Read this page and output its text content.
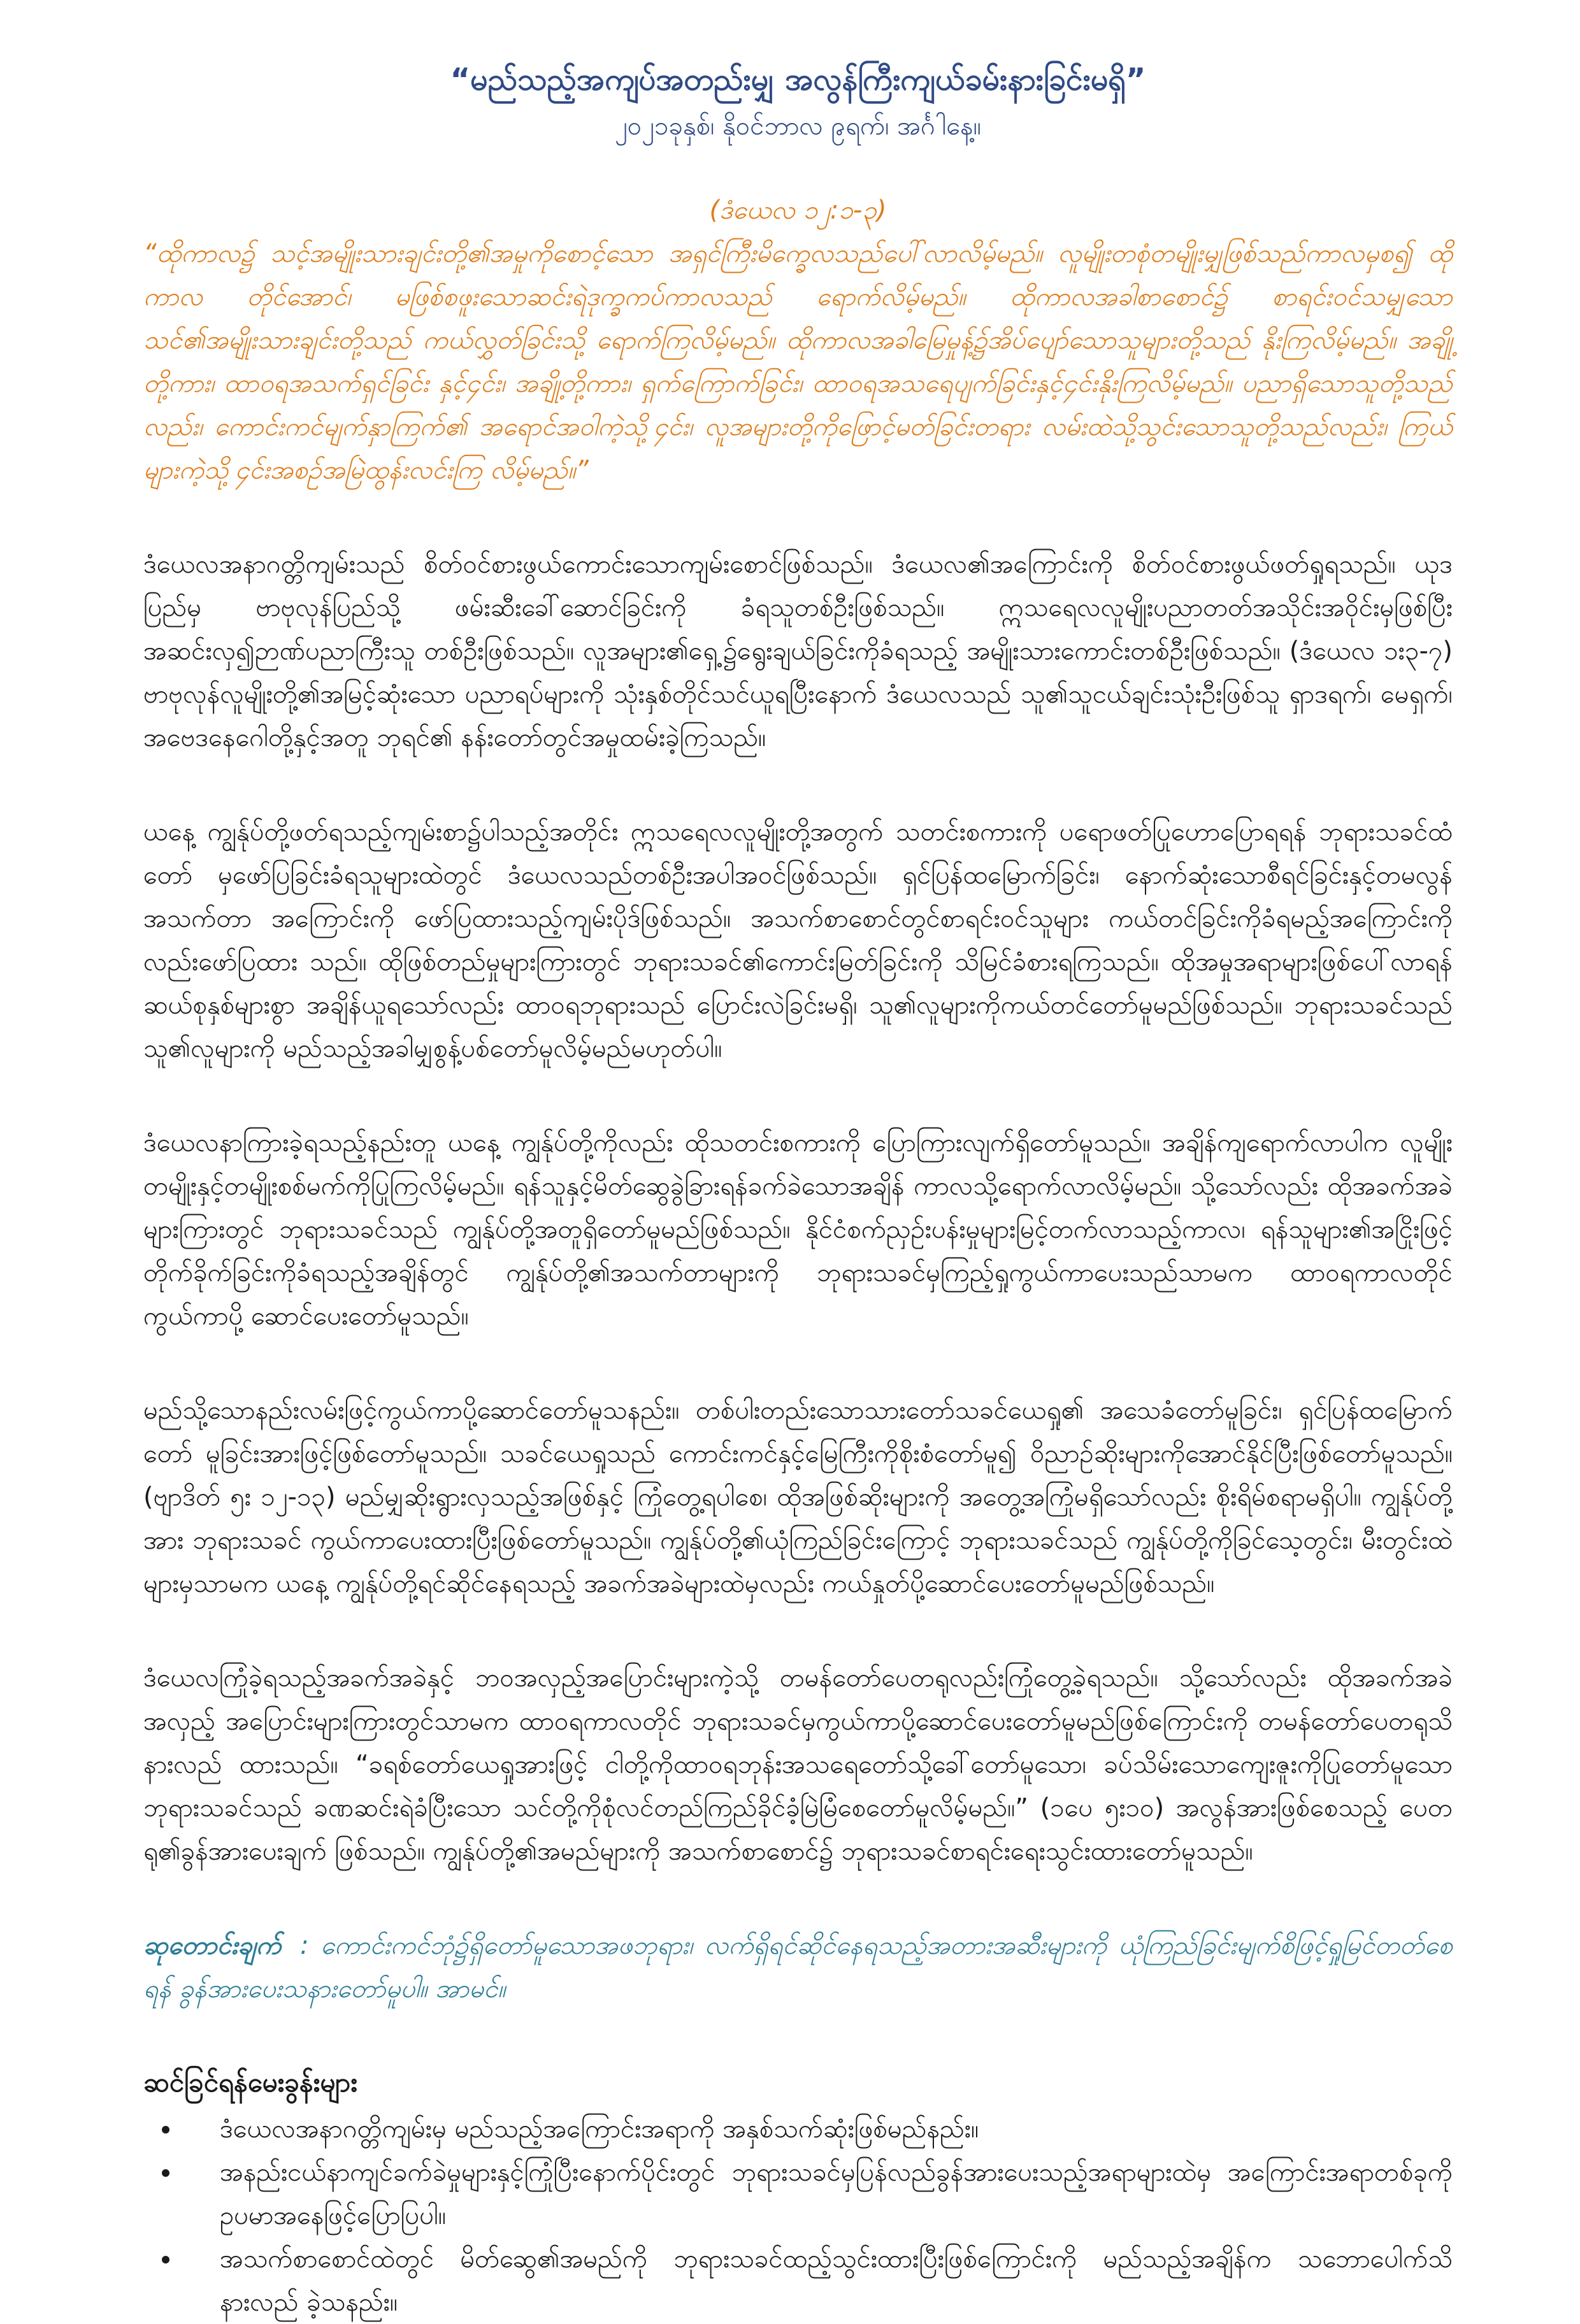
“မည်သည့်အကျပ်အတည်းမျှ အလွန်ကြီးကျယ်ခမ်းနားခြင်းမရှိ”

၂၀၂၁ခုနှစ်၊ နိုဝင်ဘာလ ၉ရက်၊ အင်္ဂါနေ့။

(ဒံယေလ ၁၂:၁-၃)

“ထိုကာလ၌ သင့်အမျိုးသားချင်းတို့၏အမှုကိုစောင့်သော အရှင်ကြီးမိက္ခေလသည်ပေါ်လာလိမ့်မည်။ လူမျိုးတစုံတမျိုးမျှဖြစ်သည်ကာလမှစ၍ ထိုကာလ တိုင်အောင်၊ မဖြစ်စဖူးသောဆင်းရဲဒုက္ခကပ်ကာလသည် ရောက်လိမ့်မည်။ ထိုကာလအခါစာစောင်၌ စာရင်းဝင်သမျှသောသင်၏အမျိုးသားချင်းတို့သည် ကယ်လွှတ်ခြင်းသို့ ရောက်ကြလိမ့်မည်။ ထိုကာလအခါမြေမှုန့်၌အိပ်ပျော်သောသူများတို့သည် နိုးကြလိမ့်မည်။ အချို့တို့ကား၊ ထာဝရအသက်ရှင်ခြင်း နှင့်၄င်း၊ အချို့တို့ကား၊ ရှက်ကြောက်ခြင်း၊ ထာဝရအသရေပျက်ခြင်းနှင့်၄င်းနိုးကြလိမ့်မည်။ ပညာရှိသောသူတို့သည်လည်း၊ ကောင်းကင်မျက်နှာကြက်၏ အရောင်အဝါကဲ့သို့၄င်း၊ လူအများတို့ကိုဖြောင့်မတ်ခြင်းတရား လမ်းထဲသို့သွင်းသောသူတို့သည်လည်း၊ ကြယ်များကဲ့သို့၄င်းအစဉ်အမြဲထွန်းလင်းကြ လိမ့်မည်။”

ဒံယေလအနာဂတ္တိကျမ်းသည် စိတ်ဝင်စားဖွယ်ကောင်းသောကျမ်းစောင်ဖြစ်သည်။ ဒံယေလ၏အကြောင်းကို စိတ်ဝင်စားဖွယ်ဖတ်ရှုရသည်။ ယုဒပြည်မှ ဗာဗုလုန်ပြည်သို့ ဖမ်းဆီးခေါ်ဆောင်ခြင်းကို ခံရသူတစ်ဦးဖြစ်သည်။ ဣသရေလလူမျိုးပညာတတ်အသိုင်းအဝိုင်းမှဖြစ်ပြီး အဆင်းလှ၍ဉာဏ်ပညာကြီးသူ တစ်ဦးဖြစ်သည်။ လူအများ၏ရှေ့၌ရွေးချယ်ခြင်းကိုခံရသည့် အမျိုးသားကောင်းတစ်ဦးဖြစ်သည်။ (ဒံယေလ ၁း၃-၇) ဗာဗုလုန်လူမျိုးတို့၏အမြင့်ဆုံးသော ပညာရပ်များကို သုံးနှစ်တိုင်သင်ယူရပြီးနောက် ဒံယေလသည် သူ၏သူငယ်ချင်းသုံးဦးဖြစ်သူ ရှာဒရက်၊ မေရှက်၊ အဗေဒနေဂေါတို့နှင့်အတူ ဘုရင်၏ နန်းတော်တွင်အမှုထမ်းခဲ့ကြသည်။

ယနေ့ ကျွန်ုပ်တို့ဖတ်ရသည့်ကျမ်းစာ၌ပါသည့်အတိုင်း ဣသရေလလူမျိုးတို့အတွက် သတင်းစကားကို ပရောဖတ်ပြုဟောပြောရရန် ဘုရားသခင်ထံတော် မှဖော်ပြခြင်းခံရသူများထဲတွင် ဒံယေလသည်တစ်ဦးအပါအဝင်ဖြစ်သည်။ ရှင်ပြန်ထမြောက်ခြင်း၊ နောက်ဆုံးသောစီရင်ခြင်းနှင့်တမလွန်အသက်တာ အကြောင်းကို ဖော်ပြထားသည့်ကျမ်းပိုဒ်ဖြစ်သည်။ အသက်စာစောင်တွင်စာရင်းဝင်သူများ ကယ်တင်ခြင်းကိုခံရမည့်အကြောင်းကိုလည်းဖော်ပြထား သည်။ ထိုဖြစ်တည်မှုများကြားတွင် ဘုရားသခင်၏ကောင်းမြတ်ခြင်းကို သိမြင်ခံစားရကြသည်။ ထိုအမှုအရာများဖြစ်ပေါ်လာရန် ဆယ်စုနှစ်များစွာ အချိန်ယူရသော်လည်း ထာဝရဘုရားသည် ပြောင်းလဲခြင်းမရှိ၊ သူ၏လူများကိုကယ်တင်တော်မူမည်ဖြစ်သည်။ ဘုရားသခင်သည် သူ၏လူများကို မည်သည့်အခါမျှစွန့်ပစ်တော်မူလိမ့်မည်မဟုတ်ပါ။

ဒံယေလနာကြားခဲ့ရသည့်နည်းတူ ယနေ့ ကျွန်ုပ်တို့ကိုလည်း ထိုသတင်းစကားကို ပြောကြားလျက်ရှိတော်မူသည်။ အချိန်ကျရောက်လာပါက လူမျိုး တမျိုးနှင့်တမျိုးစစ်မက်ကိုပြုကြလိမ့်မည်။ ရန်သူနှင့်မိတ်ဆွေခွဲခြားရန်ခက်ခဲသောအချိန် ကာလသို့ရောက်လာလိမ့်မည်။ သို့သော်လည်း ထိုအခက်အခဲ များကြားတွင် ဘုရားသခင်သည် ကျွန်ုပ်တို့အတူရှိတော်မူမည်ဖြစ်သည်။ နိုင်ငံစက်ညှဉ်းပန်းမှုများမြင့်တက်လာသည့်ကာလ၊ ရန်သူများ၏အငြိုးဖြင့် တိုက်ခိုက်ခြင်းကိုခံရသည့်အချိန်တွင် ကျွန်ုပ်တို့၏အသက်တာများကို ဘုရားသခင်မှကြည့်ရှုကွယ်ကာပေးသည်သာမက ထာဝရကာလတိုင် ကွယ်ကာပို့ ဆောင်ပေးတော်မူသည်။

မည်သို့သောနည်းလမ်းဖြင့်ကွယ်ကာပို့ဆောင်တော်မူသနည်း။ တစ်ပါးတည်းသောသားတော်သခင်ယေရှု၏ အသေခံတော်မူခြင်း၊ ရှင်ပြန်ထမြောက်တော် မူခြင်းအားဖြင့်ဖြစ်တော်မူသည်။ သခင်ယေရှုသည် ကောင်းကင်နှင့်မြေကြီးကိုစိုးစံတော်မူ၍ ဝိညာဉ်ဆိုးများကိုအောင်နိုင်ပြီးဖြစ်တော်မူသည်။ (ဗျာဒိတ် ၅း ၁၂-၁၃) မည်မျှဆိုးရွားလှသည့်အဖြစ်နှင့် ကြုံတွေ့ရပါစေ၊ ထိုအဖြစ်ဆိုးများကို အတွေ့အကြုံမရှိသော်လည်း စိုးရိမ်စရာမရှိပါ။ ကျွန်ုပ်တို့အား ဘုရားသခင် ကွယ်ကာပေးထားပြီးဖြစ်တော်မူသည်။ ကျွန်ုပ်တို့၏ယုံကြည်ခြင်းကြောင့် ဘုရားသခင်သည် ကျွန်ုပ်တို့ကိုခြင်သေ့တွင်း၊ မီးတွင်းထဲများမှသာမက ယနေ့ ကျွန်ုပ်တို့ရင်ဆိုင်နေရသည့် အခက်အခဲများထဲမှလည်း ကယ်နှုတ်ပို့ဆောင်ပေးတော်မူမည်ဖြစ်သည်။

ဒံယေလကြုံခဲ့ရသည့်အခက်အခဲနှင့် ဘဝအလှည့်အပြောင်းများကဲ့သို့ တမန်တော်ပေတရုလည်းကြုံတွေ့ခဲ့ရသည်။ သို့သော်လည်း ထိုအခက်အခဲအလှည့် အပြောင်းများကြားတွင်သာမက ထာဝရကာလတိုင် ဘုရားသခင်မှကွယ်ကာပို့ဆောင်ပေးတော်မူမည်ဖြစ်ကြောင်းကို တမန်တော်ပေတရုသိနားလည် ထားသည်။ “ခရစ်တော်ယေရှုအားဖြင့် ငါတို့ကိုထာဝရဘုန်းအသရေတော်သို့ခေါ်တော်မူသော၊ ခပ်သိမ်းသောကျေးဇူးကိုပြုတော်မူသောဘုရားသခင်သည် ခဏဆင်းရဲခံပြီးသော သင်တို့ကိုစုံလင်တည်ကြည်ခိုင်ခံ့မြဲမြံစေတော်မူလိမ့်မည်။” (၁ပေ ၅း၁၀) အလွန်အားဖြစ်စေသည့် ပေတရု၏ခွန်အားပေးချက် ဖြစ်သည်။ ကျွန်ုပ်တို့၏အမည်များကို အသက်စာစောင်၌ ဘုရားသခင်စာရင်းရေးသွင်းထားတော်မူသည်။

ဆုတောင်းချက် : ကောင်းကင်ဘုံ၌ရှိတော်မူသောအဖဘုရား၊ လက်ရှိရင်ဆိုင်နေရသည့်အတားအဆီးများကို ယုံကြည်ခြင်းမျက်စိဖြင့်ရှုမြင်တတ်စေရန် ခွန်အားပေးသနားတော်မူပါ။ အာမင်။

ဆင်ခြင်ရန်မေးခွန်းများ

• ဒံယေလအနာဂတ္တိကျမ်းမှ မည်သည့်အကြောင်းအရာကို အနှစ်သက်ဆုံးဖြစ်မည်နည်း။
• အနည်းငယ်နာကျင်ခက်ခဲမှုများနှင့်ကြုံပြီးနောက်ပိုင်းတွင် ဘုရားသခင်မှပြန်လည်ခွန်အားပေးသည့်အရာများထဲမှ အကြောင်းအရာတစ်ခုကို ဥပမာအနေဖြင့်ပြောပြပါ။
• အသက်စာစောင်ထဲတွင် မိတ်ဆွေ၏အမည်ကို ဘုရားသခင်ထည့်သွင်းထားပြီးဖြစ်ကြောင်းကို မည်သည့်အချိန်က သဘောပေါက်သိနားလည် ခဲ့သနည်း။
